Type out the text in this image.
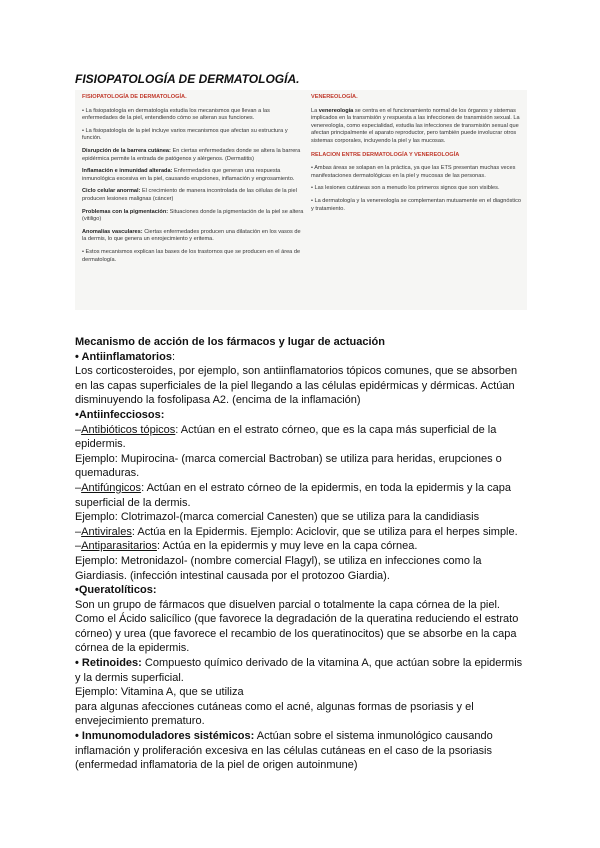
FISIOPATOLOGÍA DE DERMATOLOGÍA.
FISIOPATOLOGÍA DE DERMATOLOGÍA.

• La fisiopatología en dermatología estudia los mecanismos que llevan a las enfermedades de la piel, entendiendo cómo se alteran sus funciones.

• La fisiopatología de la piel incluye varios mecanismos que afectan su estructura y función.

Disrupción de la barrera cutánea: En ciertas enfermedades donde se altera la barrera epidérmica permite la entrada de patógenos y alérgenos. (Dermatitis)

Inflamación e inmunidad alterada: Enfermedades que generan una respuesta inmunológica excesiva en la piel, causando erupciones, inflamación y engrosamiento.

Ciclo celular anormal: El crecimiento de manera incontrolada de las células de la piel producen lesiones malignas (cáncer)

Problemas con la pigmentación: Situaciones donde la pigmentación de la piel se altera (vitiligo)

Anomalías vasculares: Ciertas enfermedades producen una dilatación en los vasos de la dermis, lo que genera un enrojecimiento y eritema.

• Estos mecanismos explican las bases de los trastornos que se producen en el área de dermatología.

VENEREOLOGÍA.

La venereología se centra en el funcionamiento normal de los órganos y sistemas implicados en la transmisión y respuesta a las infecciones de transmisión sexual. La venereología, como especialidad, estudia las infecciones de transmisión sexual que afectan principalmente el aparato reproductor, pero también puede involucrar otros sistemas corporales, incluyendo la piel y las mucosas.

RELACION ENTRE DERMATOLOGÍA Y VENEREOLOGÍA

• Ambas áreas se solapan en la práctica, ya que las ETS presentan muchas veces manifestaciones dermatológicas en la piel y mucosas de las personas.

• Las lesiones cutáneas son a menudo los primeros signos que son visibles.

• La dermatología y la venereología se complementan mutuamente en el diagnóstico y tratamiento.

Mecanismo de acción de los fármacos y lugar de actuación

• Antiinflamatorios:

Los corticosteroides, por ejemplo, son antiinflamatorios tópicos comunes, que se absorben en las capas superficiales de la piel llegando a las células epidérmicas y dérmicas. Actúan disminuyendo la fosfolipasa A2. (encima de la inflamación)

•Antiinfecciosos:

–Antibióticos tópicos: Actúan en el estrato córneo, que es la capa más superficial de la epidermis.

Ejemplo: Mupirocina- (marca comercial Bactroban) se utiliza para heridas, erupciones o quemaduras.

–Antifúngicos: Actúan en el estrato córneo de la epidermis, en toda la epidermis y la capa superficial de la dermis.

Ejemplo: Clotrimazol-(marca comercial Canesten) que se utiliza para la candidiasis

–Antivirales: Actúa en la Epidermis. Ejemplo: Aciclovir, que se utiliza para el herpes simple.

–Antiparasitarios: Actúa en la epidermis y muy leve en la capa córnea.

Ejemplo: Metronidazol- (nombre comercial Flagyl), se utiliza en infecciones como la Giardiasis. (infección intestinal causada por el protozoo Giardia).

•Queratolíticos:

Son un grupo de fármacos que disuelven parcial o totalmente la capa córnea de la piel. Como el Ácido salicílico (que favorece la degradación de la queratina reduciendo el estrato córneo) y urea (que favorece el recambio de los queratinocitos) que se absorbe en la capa córnea de la epidermis.

• Retinoides: Compuesto químico derivado de la vitamina A, que actúan sobre la epidermis y la dermis superficial.

Ejemplo: Vitamina A, que se utiliza

para algunas afecciones cutáneas como el acné, algunas formas de psoriasis y el envejecimiento prematuro.

• Inmunomoduladores sistémicos: Actúan sobre el sistema inmunológico causando inflamación y proliferación excesiva en las células cutáneas en el caso de la psoriasis (enfermedad inflamatoria de la piel de origen autoinmune)
